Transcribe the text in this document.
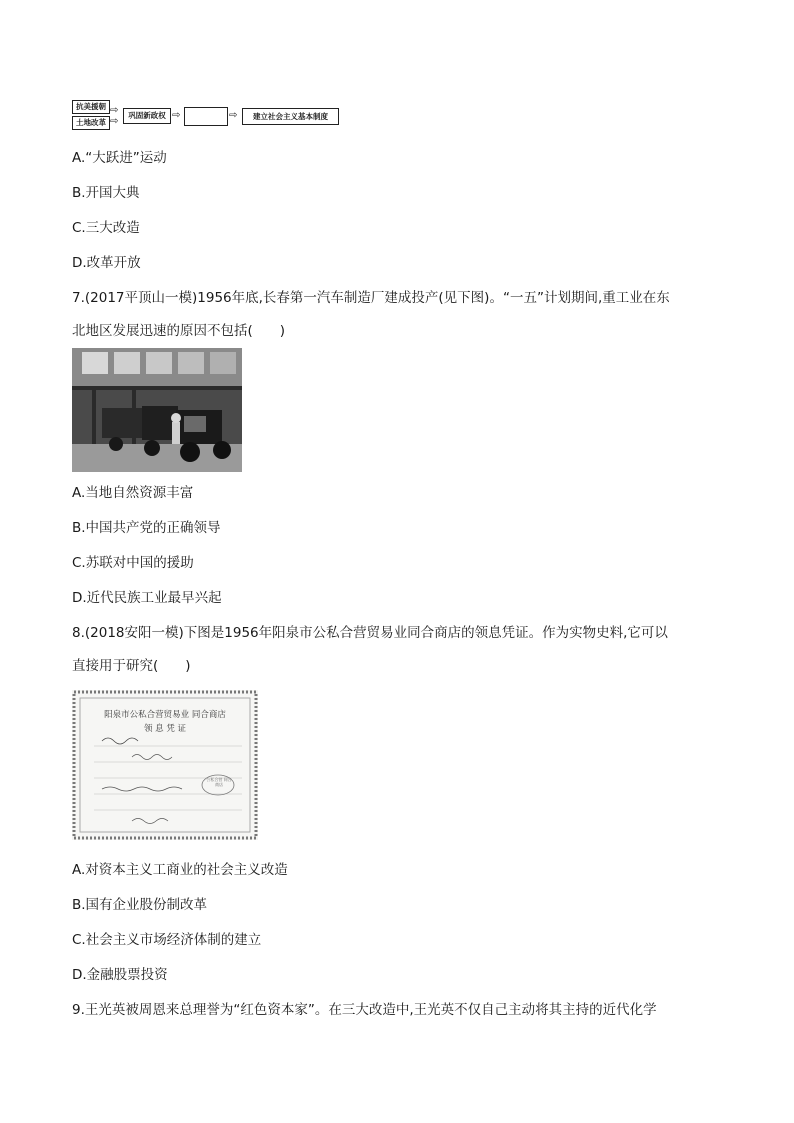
抗美援朝
土地改革
⇨
⇨
巩固新政权 ⇨	⇨	建立社会主义基本制度
A.“大跃进”运动
B.开国大典
C.三大改造
D.改革开放
7.(2017平顶山一模)1956年底,长春第一汽车制造厂建成投产(见下图)。“一五”计划期间,重工业在东
北地区发展迅速的原因不包括(　　)
A.当地自然资源丰富
B.中国共产党的正确领导
C.苏联对中国的援助
D.近代民族工业最早兴起
8.(2018安阳一模)下图是1956年阳泉市公私合营贸易业同合商店的领息凭证。作为实物史料,它可以
直接用于研究(　　)
阳泉市公私合营贸易业 同合商店
领 息 凭 证
公私合营 同合商店
A.对资本主义工商业的社会主义改造
B.国有企业股份制改革
C.社会主义市场经济体制的建立
D.金融股票投资
9.王光英被周恩来总理誉为“红色资本家”。在三大改造中,王光英不仅自己主动将其主持的近代化学
